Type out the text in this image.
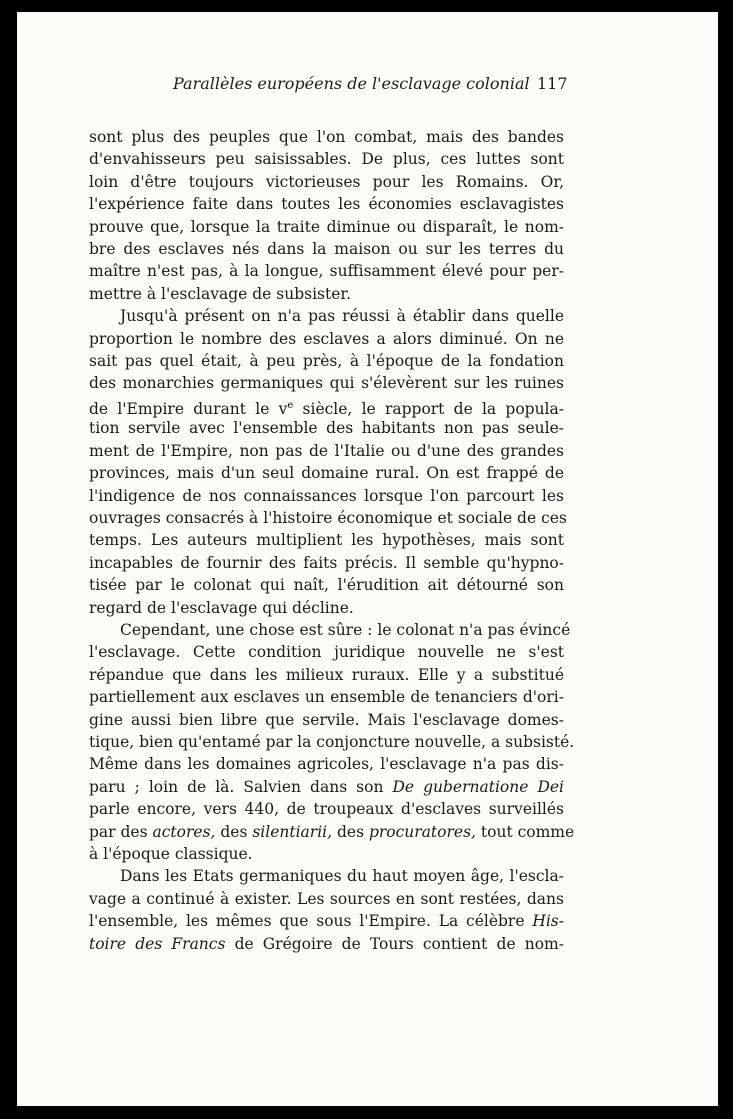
Parallèles européens de l'esclavage colonial 117
sont plus des peuples que l'on combat, mais des bandes
d'envahisseurs peu saisissables. De plus, ces luttes sont
loin d'être toujours victorieuses pour les Romains. Or,
l'expérience faite dans toutes les économies esclavagistes
prouve que, lorsque la traite diminue ou disparaît, le nom-
bre des esclaves nés dans la maison ou sur les terres du
maître n'est pas, à la longue, suffisamment élevé pour per-
mettre à l'esclavage de subsister.
Jusqu'à présent on n'a pas réussi à établir dans quelle
proportion le nombre des esclaves a alors diminué. On ne
sait pas quel était, à peu près, à l'époque de la fondation
des monarchies germaniques qui s'élevèrent sur les ruines
de l'Empire durant le $v^e$ siècle, le rapport de la popula-
tion servile avec l'ensemble des habitants non pas seule-
ment de l'Empire, non pas de l'Italie ou d'une des grandes
provinces, mais d'un seul domaine rural. On est frappé de
l'indigence de nos connaissances lorsque l'on parcourt les
ouvrages consacrés à l'histoire économique et sociale de ces
temps. Les auteurs multiplient les hypothèses, mais sont
incapables de fournir des faits précis. Il semble qu'hypno-
tisée par le colonat qui naît, l'érudition ait détourné son
regard de l'esclavage qui décline.
Cependant, une chose est sûre : le colonat n'a pas évincé
l'esclavage. Cette condition juridique nouvelle ne s'est
répandue que dans les milieux ruraux. Elle y a substitué
partiellement aux esclaves un ensemble de tenanciers d'ori-
gine aussi bien libre que servile. Mais l'esclavage domes-
tique, bien qu'entamé par la conjoncture nouvelle, a subsisté.
Même dans les domaines agricoles, l'esclavage n'a pas dis-
paru ; loin de là. Salvien dans son De gubernatione Dei
parle encore, vers 440, de troupeaux d'esclaves surveillés
par des actores, des silentiarii, des procuratores, tout comme
à l'époque classique.
Dans les Etats germaniques du haut moyen âge, l'escla-
vage a continué à exister. Les sources en sont restées, dans
l'ensemble, les mêmes que sous l'Empire. La célèbre His-
toire des Francs de Grégoire de Tours contient de nom-
